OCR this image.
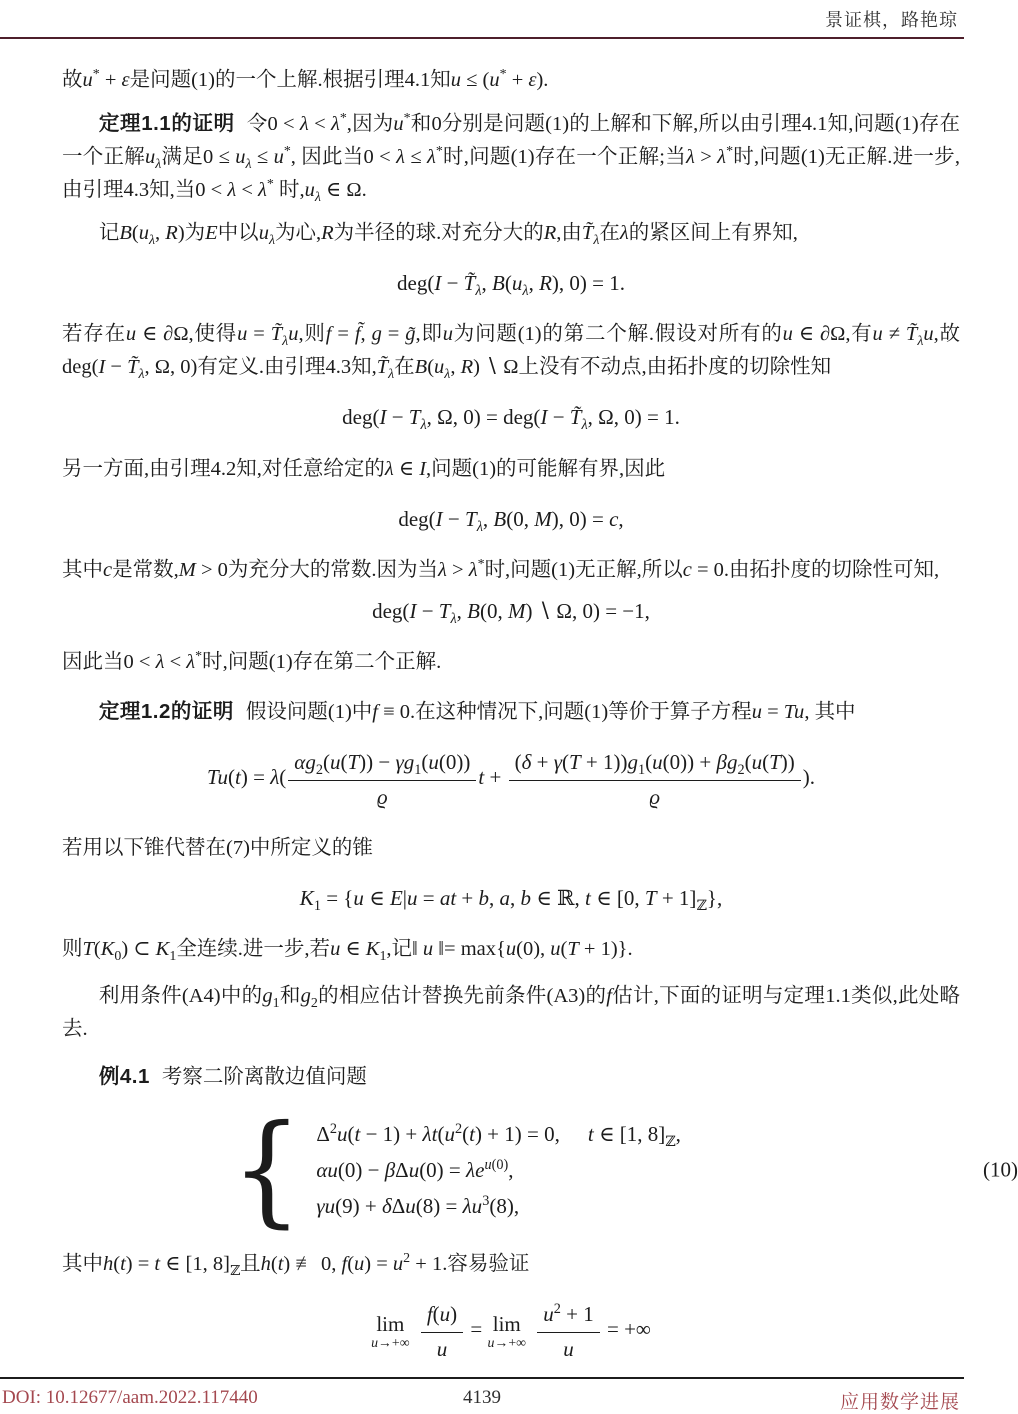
景证棋，路艳琼

故u* + ε是问题(1)的一个上解.根据引理4.1知u ≤ (u* + ε).

定理1.1的证明 令0 < λ < λ*,因为u*和0分别是问题(1)的上解和下解,所以由引理4.1知,问题(1)存在一个正解$u_\lambda$满足$0 \le u_\lambda \le u^*$, 因此当0 < λ ≤ λ*时,问题(1)存在一个正解;当λ > λ*时,问题(1)无正解.进一步,由引理4.3知,当0 < λ < λ* 时$,u_\lambda$ ∈ Ω.

记$B(u_\lambda$, R)为E中以$u_\lambda$为心,R为半径的球.对充分大的R,由$T̃_\lambda$在λ的紧区间上有界知,

$deg(I - T̃_\lambda$, $B(u_\lambda$, R), 0) = 1.

若存在u ∈ ∂Ω,使得$u = T̃_\lambda u$,则f = f̃, g = g̃,即u为问题(1)的第二个解.假设对所有的u ∈ ∂Ω,有$u \ne T̃_\lambda u$,故$deg(I - T̃_\lambda$, Ω, 0)有定义.由引理4.3知$,T̃_\lambda$在$B(u_\lambda$, R) ∖ Ω上没有不动点,由拓扑度的切除性知

$deg(I - T_\lambda$, Ω, $0) = deg(I - T̃_\lambda$, Ω, 0) = 1.

另一方面,由引理4.2知,对任意给定的λ ∈ I,问题(1)的可能解有界,因此

$deg(I - T_\lambda$, B(0, M), 0) = c,

其中c是常数,M > 0为充分大的常数.因为当λ > λ*时,问题(1)无正解,所以c = 0.由拓扑度的切除性可知,

$deg(I - T_\lambda$, B(0, M) ∖ Ω, 0) = −1,

因此当0 < λ < λ*时,问题(1)存在第二个正解.

定理1.2的证明 假设问题(1)中f ≡ 0.在这种情况下,问题(1)等价于算子方程u = Tu, 其中

$Tu(t) = \lambda( \frac{\alpha g_2(u(T)) - \gamma g_1(u(0))}{ϱ}$ $t + \frac{(\delta + \gamma(T + 1))g_1(u(0)) + \beta g_2(u(T))}{ϱ}$ ).

若用以下锥代替在(7)中所定义的锥

$K_1 = \{u$ ∈ E|u = at + b, a, b ∈ ℝ, t ∈ [0, $T + 1]_ℤ$},

则$T(K_0)$ ⊂ $K_1$全连续.进一步,若u ∈ $K_1$,记‖ u ‖= max{u(0), u(T + 1)}.

利用条件(A4)中的$g_1$和$g_2$的相应估计替换先前条件(A3)的f估计,下面的证明与定理1.1类似,此处略去.

例4.1 考察二阶离散边值问题

{ $\Delta^2u(t - 1) + \lambda t(u^2(t) + 1) = 0$, t ∈ [1, $8]_ℤ$,
$\alpha u(0) - \beta\Delta u(0) = \lambda e^{u(0)}$,
$\gamma u(9) + \delta\Delta u(8) = \lambda u^3(8)$,
(10)

其中h(t) = t ∈ [1, $8]_ℤ$且h(t) ≢ 0, $f(u) = u^2 + 1$.容易验证

lim
u→+∞
$\frac{f(u)}{u} = \lim$
u→+∞
$\frac{u^2 + 1}{u}$ = +∞
DOI: 10.12677/aam.2022.117440	4139	应用数学进展
